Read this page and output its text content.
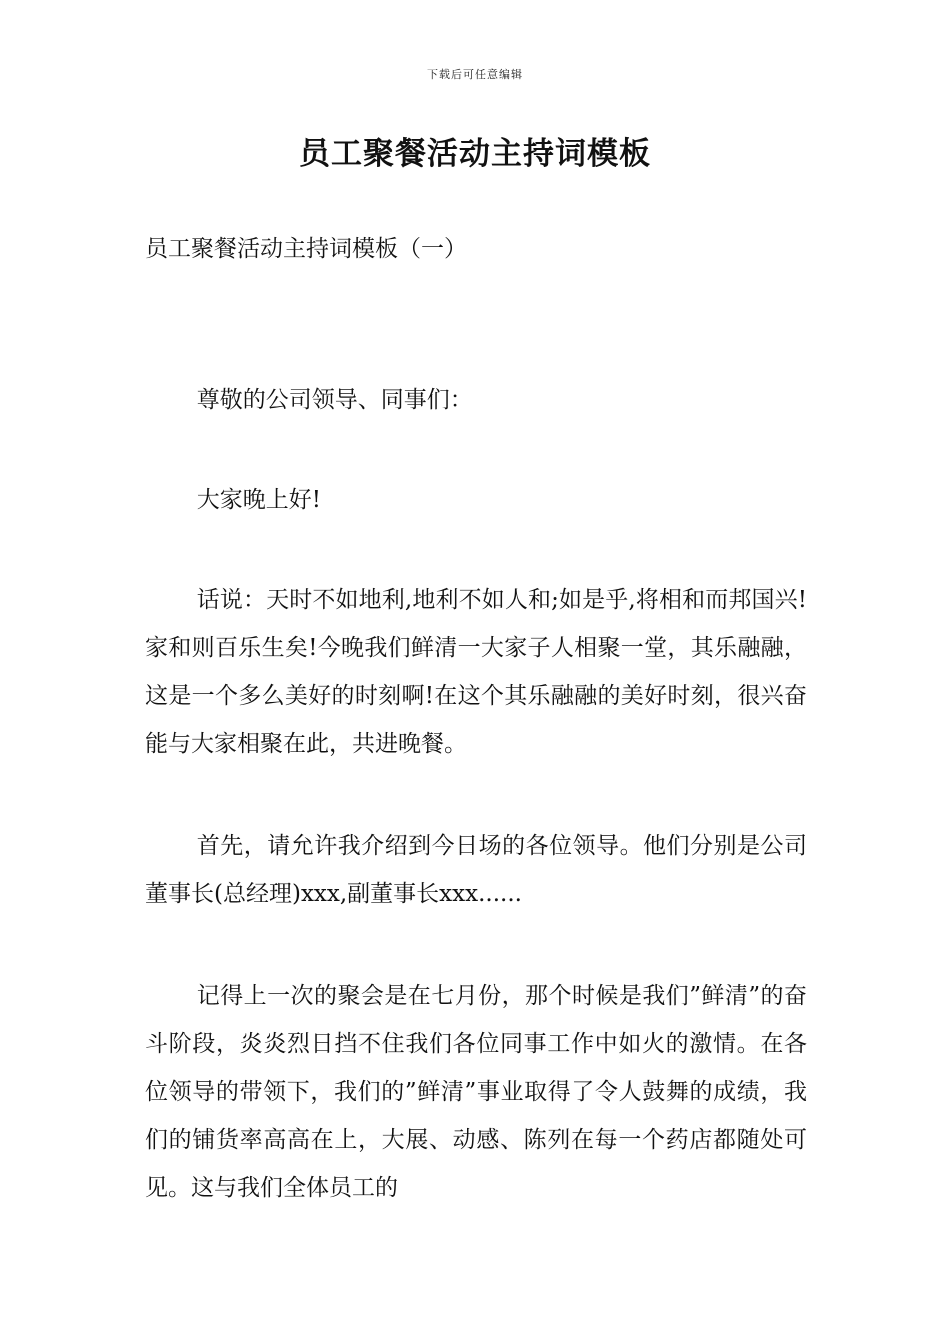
下载后可任意编辑
员工聚餐活动主持词模板
员工聚餐活动主持词模板（一）

尊敬的公司领导、同事们：

大家晚上好!

话说：天时不如地利,地利不如人和;如是乎,将相和而邦国兴!家和则百乐生矣!今晚我们鲜清一大家子人相聚一堂，其乐融融，这是一个多么美好的时刻啊!在这个其乐融融的美好时刻，很兴奋能与大家相聚在此，共进晚餐。

首先，请允许我介绍到今日场的各位领导。他们分别是公司董事长(总经理)xxx,副董事长xxx......

记得上一次的聚会是在七月份，那个时候是我们”鲜清”的奋斗阶段，炎炎烈日挡不住我们各位同事工作中如火的激情。在各位领导的带领下，我们的”鲜清”事业取得了令人鼓舞的成绩，我们的铺货率高高在上，大展、动感、陈列在每一个药店都随处可见。这与我们全体员工的
